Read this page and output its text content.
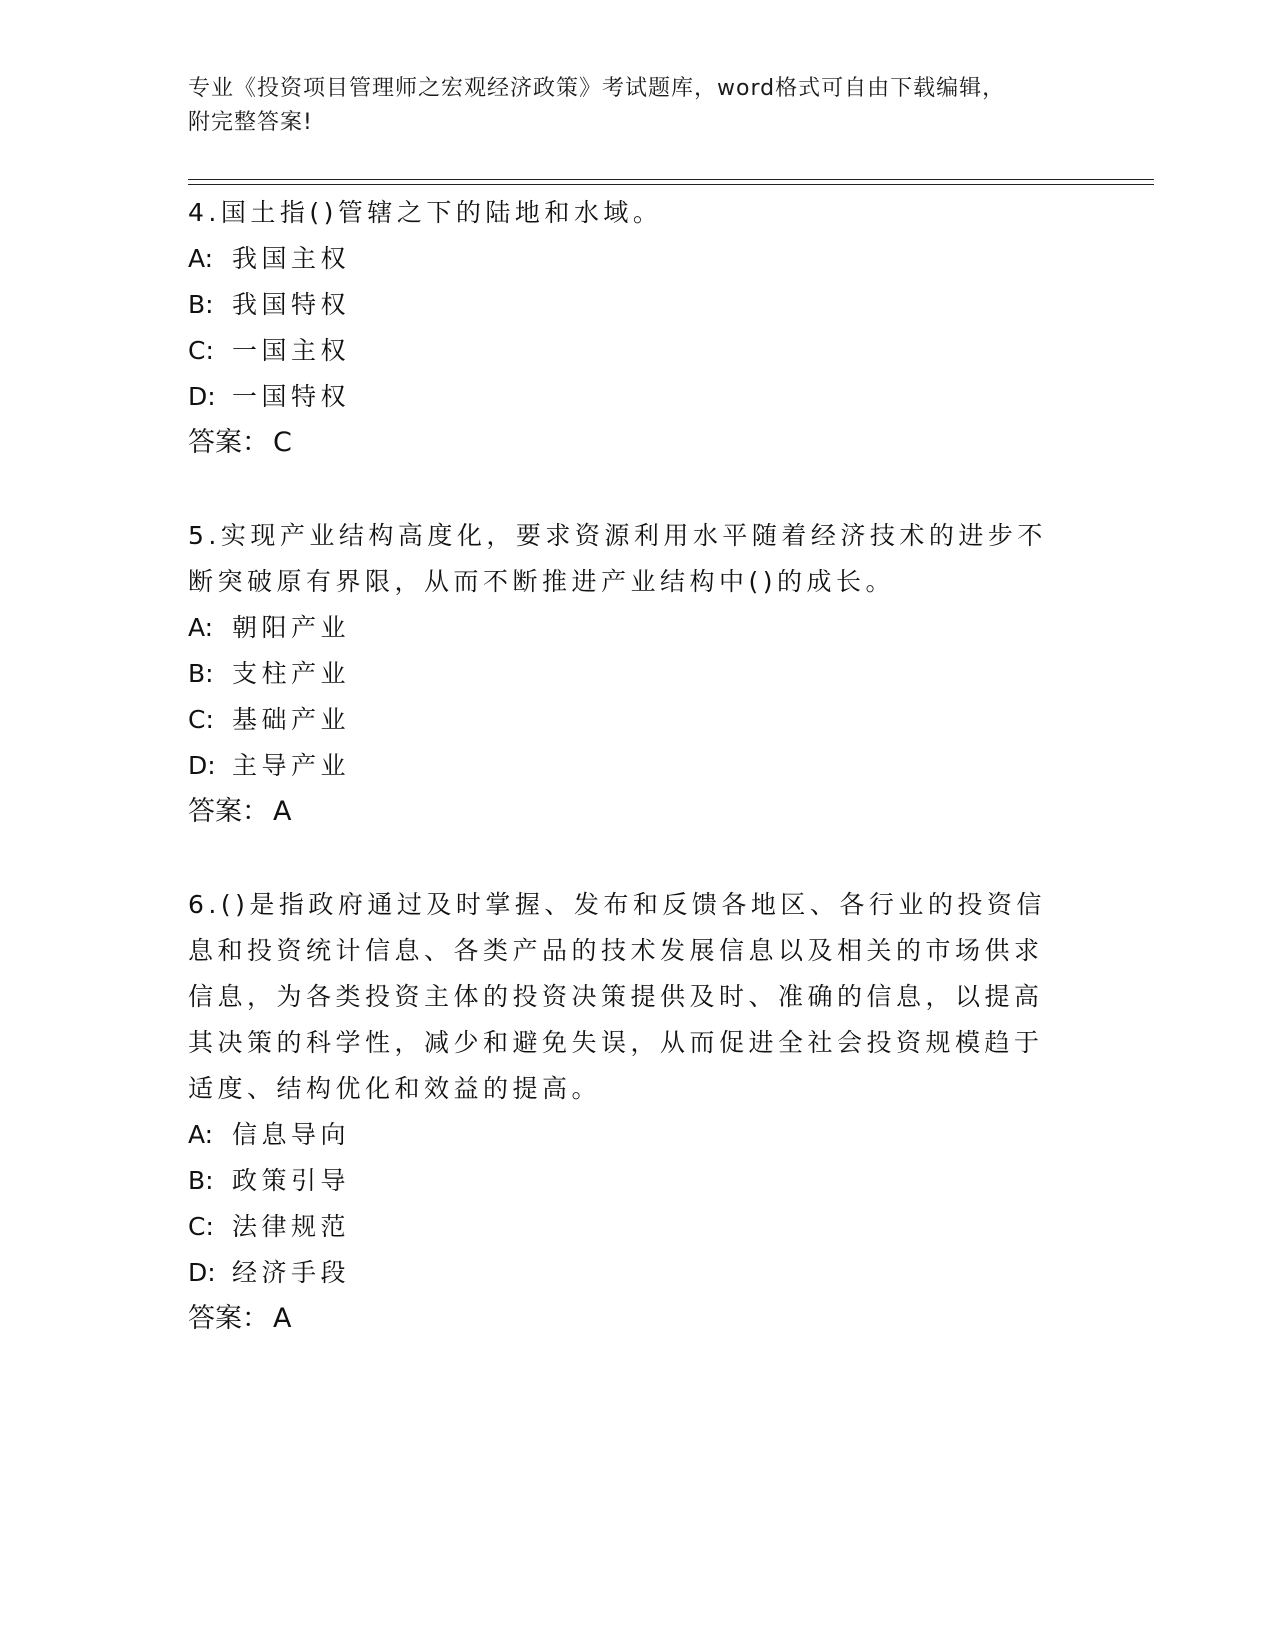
专业《投资项目管理师之宏观经济政策》考试题库，word格式可自由下载编辑，
附完整答案!

4.国土指()管辖之下的陆地和水域。

A: 我国主权

B: 我国特权

C: 一国主权

D: 一国特权

答案： C

5.实现产业结构高度化，要求资源利用水平随着经济技术的进步不断突破原有界限，从而不断推进产业结构中()的成长。

A: 朝阳产业

B: 支柱产业

C: 基础产业

D: 主导产业

答案： A

6.()是指政府通过及时掌握、发布和反馈各地区、各行业的投资信息和投资统计信息、各类产品的技术发展信息以及相关的市场供求信息，为各类投资主体的投资决策提供及时、准确的信息，以提高其决策的科学性，减少和避免失误，从而促进全社会投资规模趋于适度、结构优化和效益的提高。

A: 信息导向

B: 政策引导

C: 法律规范

D: 经济手段

答案： A
